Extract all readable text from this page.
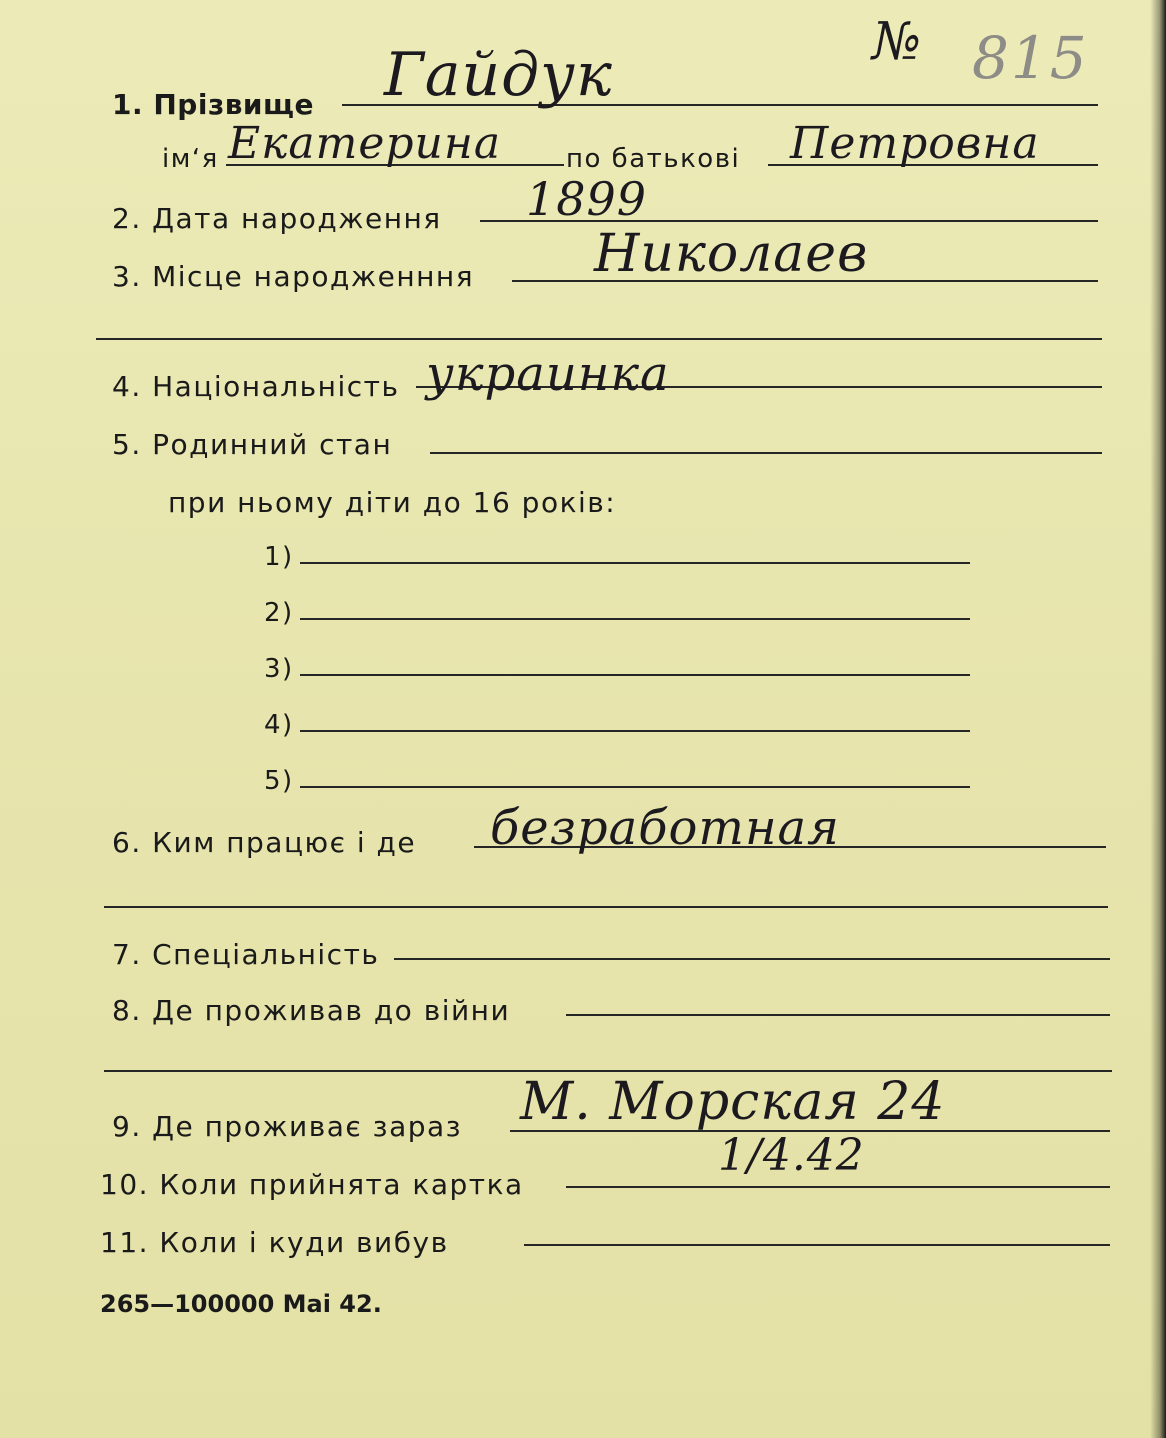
№ 815
1. Прізвище Гайдук
ім‘я Екатерина по батькові Петровна
2. Дата народження 1899
3. Місце народженння Николаев
4. Національність украинка
5. Родинний стан
при ньому діти до 16 років:
1)
2)
3)
4)
5)
6. Ким працює і де безработная
7. Спеціальність
8. Де проживав до війни
9. Де проживає зараз М. Морская 24
10. Коли прийнята картка
1/4.42
11. Коли і куди вибув
265—100000 Mai 42.
